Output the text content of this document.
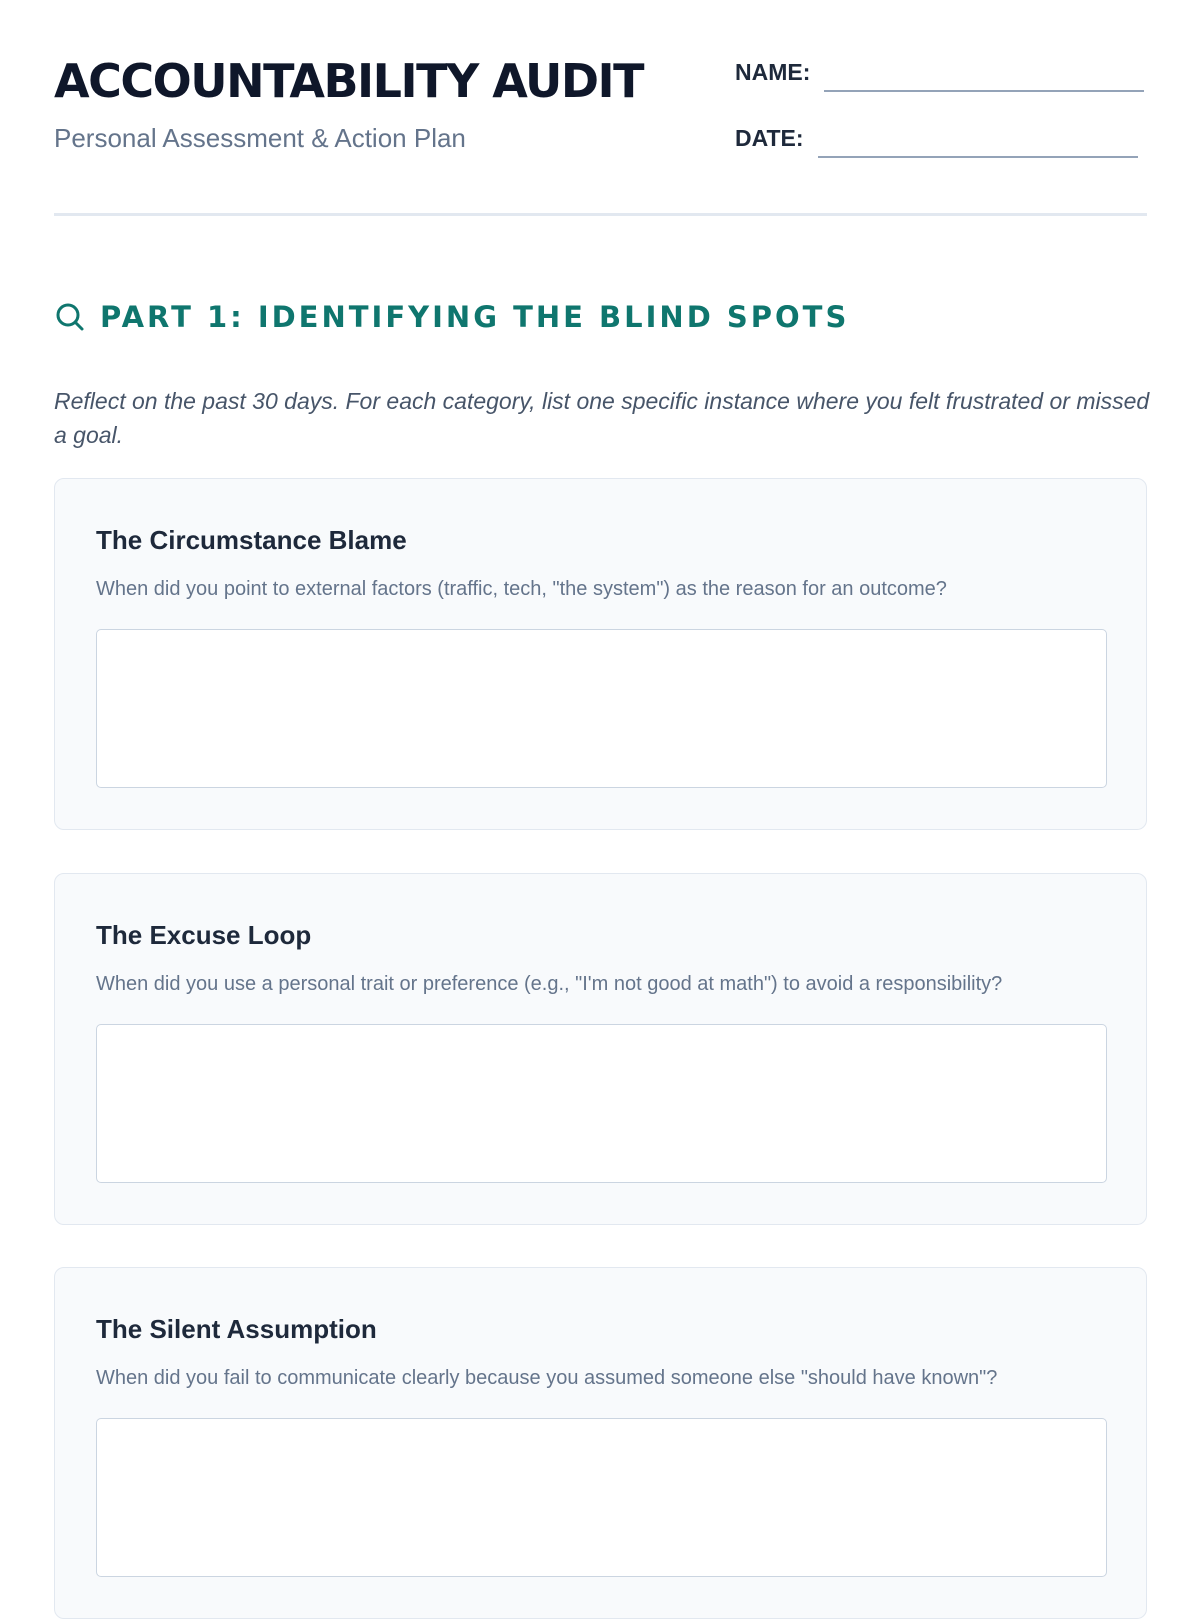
ACCOUNTABILITY AUDIT
Personal Assessment & Action Plan
NAME:
DATE:
PART 1: IDENTIFYING THE BLIND SPOTS

Reflect on the past 30 days. For each category, list one specific instance where you felt frustrated or missed a goal.

The Circumstance Blame

When did you point to external factors (traffic, tech, "the system") as the reason for an outcome?

The Excuse Loop

When did you use a personal trait or preference (e.g., "I'm not good at math") to avoid a responsibility?

The Silent Assumption

When did you fail to communicate clearly because you assumed someone else "should have known"?
